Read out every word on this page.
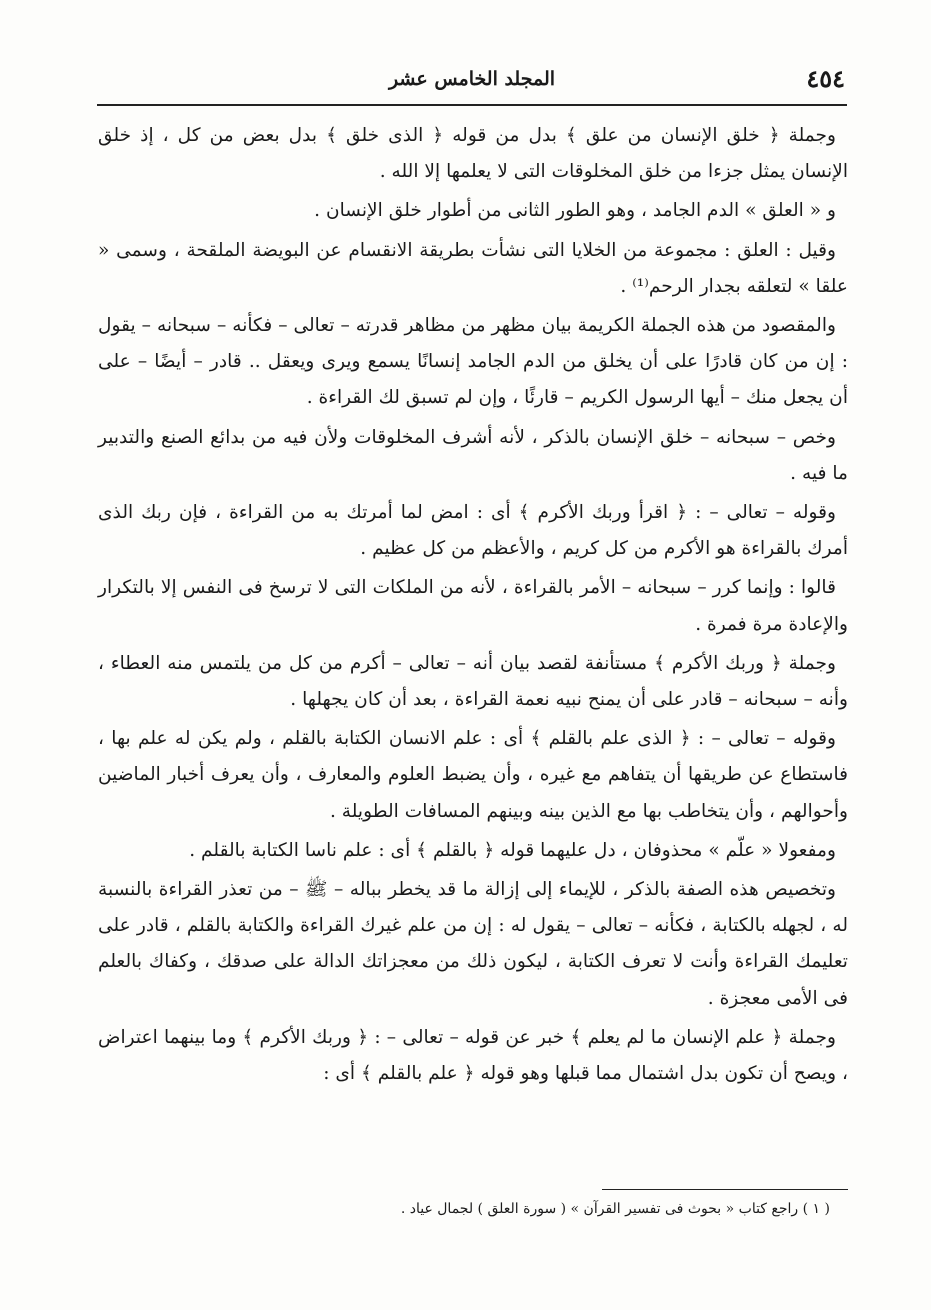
٤٥٤
المجلد الخامس عشر

وجملة ﴿ خلق الإنسان من علق ﴾ بدل من قوله ﴿ الذى خلق ﴾ بدل بعض من كل ، إذ خلق الإنسان يمثل جزءا من خلق المخلوقات التى لا يعلمها إلا الله .

و « العلق » الدم الجامد ، وهو الطور الثانى من أطوار خلق الإنسان .

وقيل : العلق : مجموعة من الخلايا التى نشأت بطريقة الانقسام عن البويضة الملقحة ، وسمى « علقا » لتعلقه بجدار الرحم⁽¹⁾ .

والمقصود من هذه الجملة الكريمة بيان مظهر من مظاهر قدرته – تعالى – فكأنه – سبحانه – يقول : إن من كان قادرًا على أن يخلق من الدم الجامد إنسانًا يسمع ويرى ويعقل .. قادر – أيضًا – على أن يجعل منك – أيها الرسول الكريم – قارئًا ، وإن لم تسبق لك القراءة .

وخص – سبحانه – خلق الإنسان بالذكر ، لأنه أشرف المخلوقات ولأن فيه من بدائع الصنع والتدبير ما فيه .

وقوله – تعالى – : ﴿ اقرأ وربك الأكرم ﴾ أى : امض لما أمرتك به من القراءة ، فإن ربك الذى أمرك بالقراءة هو الأكرم من كل كريم ، والأعظم من كل عظيم .

قالوا : وإنما كرر – سبحانه – الأمر بالقراءة ، لأنه من الملكات التى لا ترسخ فى النفس إلا بالتكرار والإعادة مرة فمرة .

وجملة ﴿ وربك الأكرم ﴾ مستأنفة لقصد بيان أنه – تعالى – أكرم من كل من يلتمس منه العطاء ، وأنه – سبحانه – قادر على أن يمنح نبيه نعمة القراءة ، بعد أن كان يجهلها .

وقوله – تعالى – : ﴿ الذى علم بالقلم ﴾ أى : علم الانسان الكتابة بالقلم ، ولم يكن له علم بها ، فاستطاع عن طريقها أن يتفاهم مع غيره ، وأن يضبط العلوم والمعارف ، وأن يعرف أخبار الماضين وأحوالهم ، وأن يتخاطب بها مع الذين بينه وبينهم المسافات الطويلة .

ومفعولا « علّم » محذوفان ، دل عليهما قوله ﴿ بالقلم ﴾ أى : علم ناسا الكتابة بالقلم .

وتخصيص هذه الصفة بالذكر ، للإيماء إلى إزالة ما قد يخطر بباله – ﷺ – من تعذر القراءة بالنسبة له ، لجهله بالكتابة ، فكأنه – تعالى – يقول له : إن من علم غيرك القراءة والكتابة بالقلم ، قادر على تعليمك القراءة وأنت لا تعرف الكتابة ، ليكون ذلك من معجزاتك الدالة على صدقك ، وكفاك بالعلم فى الأمى معجزة .

وجملة ﴿ علم الإنسان ما لم يعلم ﴾ خبر عن قوله – تعالى – : ﴿ وربك الأكرم ﴾ وما بينهما اعتراض ، ويصح أن تكون بدل اشتمال مما قبلها وهو قوله ﴿ علم بالقلم ﴾ أى :

( ١ ) راجع كتاب « بحوث فى تفسير القرآن » ( سورة العلق ) لجمال عياد .
